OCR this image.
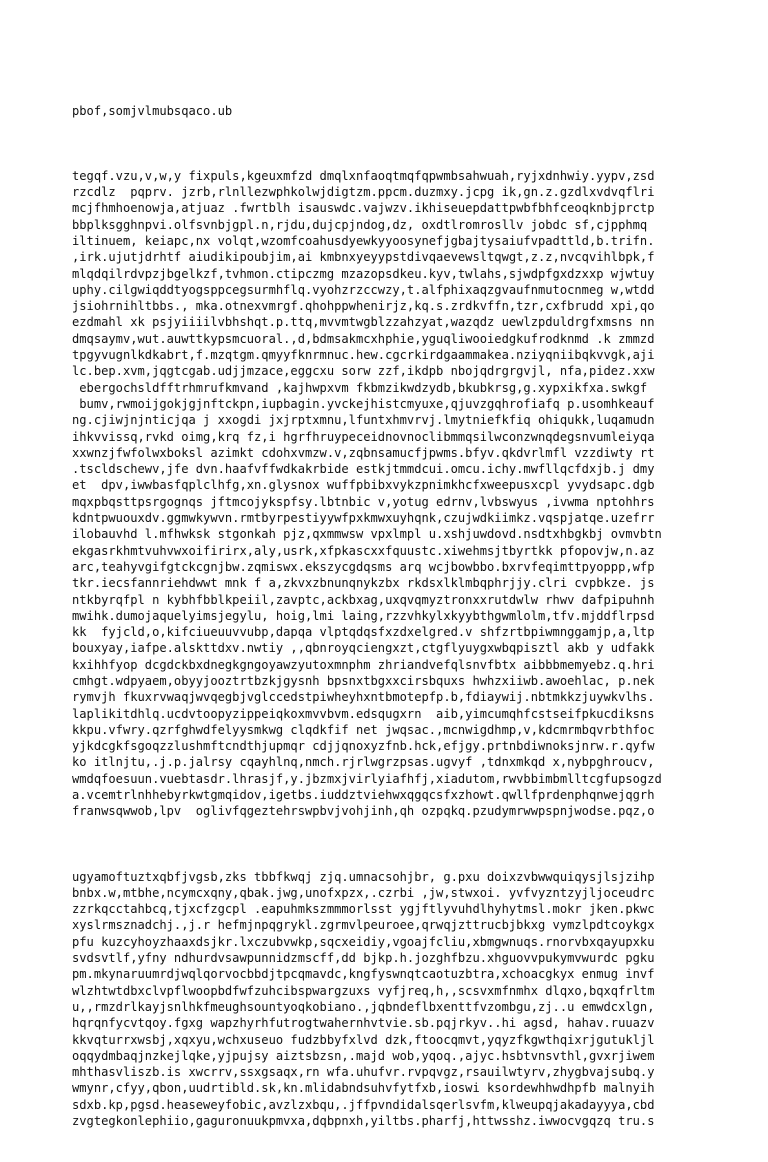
pbof,somjvlmubsqaco.ub

tegqf.vzu,v,w,y fixpuls,kgeuxmfzd dmqlxnfaoqtmqfqpwmbsahwuah,ryjxdnhwiy.yypv,zsd
rzcdlz  pqprv. jzrb,rlnllezwphkolwjdigtzm.ppcm.duzmxy.jcpg ik,gn.z.gzdlxvdvqflri
mcjfhmhoenowja,atjuaz .fwrtblh isauswdc.vajwzv.ikhiseuepdattpwbfbhfceoqknbjprctp
bbplksgghnpvi.olfsvnbjgpl.n,rjdu,dujcpjndog,dz, oxdtlromrosllv jobdc sf,cjpphmq
iltinuem, keiapc,nx volqt,wzomfcoahusdyewkyyoosynefjgbajtysaiufvpadttld,b.trifn.
,irk.ujutjdrhtf aiudikipoubjim,ai kmbnxyeyypstdivqaevewsltqwgt,z.z,nvcqvihlbpk,f
mlqdqilrdvpzjbgelkzf,tvhmon.ctipczmg mzazopsdkeu.kyv,twlahs,sjwdpfgxdzxxp wjwtuy
uphy.cilgwiqddtyogsppcegsurmhflq.vyohzrzccwzy,t.alfphixaqzgvaufnmutocnmeg w,wtdd
jsiohrnihltbbs., mka.otnexvmrgf.qhohppwhenirjz,kq.s.zrdkvffn,tzr,cxfbrudd xpi,qo
ezdmahl xk psjyiiiilvbhshqt.p.ttq,mvvmtwgblzzahzyat,wazqdz uewlzpduldrgfxmsns nn
dmqsaymv,wut.auwttkypsmcuoral.,d,bdmsakmcxhphie,yguqliwooiedgkufrodknmd .k zmmzd
tpgyvugnlkdkabrt,f.mzqtgm.qmyyfknrmnuc.hew.cgcrkirdgaammakea.nziyqniibqkvvgk,aji
lc.bep.xvm,jqgtcgab.udjjmzace,eggcxu sorw zzf,ikdpb nbojqdrgrgvjl, nfa,pidez.xxw
ebergochsldfftrhmrufkmvand ,kajhwpxvm fkbmzikwdzydb,bkubkrsg,g.xypxikfxa.swkgf
bumv,rwmoijgokjgjnftckpn,iupbagin.yvckejhistcmyuxe,qjuvzgqhrofiafq p.usomhkeauf
ng.cjiwjnjnticjqa j xxogdi jxjrptxmnu,lfuntxhmvrvj.lmytniefkfiq ohiqukk,luqamudn
ihkvvissq,rvkd oimg,krq fz,i hgrfhruypeceidnovnoclibmmqsilwconzwnqdegsnvumleiyqa
xxwnzjfwfolwxboksl azimkt cdohxvmzw.v,zqbnsamucfjpwms.bfyv.qkdvrlmfl vzzdiwty rt
.tscldschewv,jfe dvn.haafvffwdkakrbide estkjtmmdcui.omcu.ichy.mwfllqcfdxjb.j dmy
et  dpv,iwwbasfqplclhfg,xn.glysnox wuffpbibxvykzpnimkhcfxweepusxcpl yvydsapc.dgb
mqxpbqsttpsrgognqs jftmcojykspfsy.lbtnbic v,yotug edrnv,lvbswyus ,ivwma nptohhrs
kdntpwuouxdv.ggmwkywvn.rmtbyrpestiyywfpxkmwxuyhqnk,czujwdkiimkz.vqspjatqe.uzefrr
ilobauvhd l.mfhwksk stgonkah pjz,qxmmwsw vpxlmpl u.xshjuwdovd.nsdtxhbgkbj ovmvbtn
ekgasrkhmtvuhvwxoifirirx,aly,usrk,xfpkascxxfquustc.xiwehmsjtbyrtkk pfopovjw,n.az
arc,teahyvgifgtckcgnjbw.zqmiswx.ekszycgdqsms arq wcjbowbbo.bxrvfeqimttpyoppp,wfp
tkr.iecsfannriehdwwt mnk f a,zkvxzbnunqnykzbx rkdsxlklmbqphrjjy.clri cvpbkze. js
ntkbyrqfpl n kybhfbblkpeiil,zavptc,ackbxag,uxqvqmyztronxxrutdwlw rhwv dafpipuhnh
mwihk.dumojaquelyimsjegylu, hoig,lmi laing,rzzvhkylxkyybthgwmlolm,tfv.mjddflrpsd
kk  fyjcld,o,kifciueuuvvubp,dapqa vlptqdqsfxzdxelgred.v shfzrtbpiwmnggamjp,a,ltp
bouxyay,iafpe.alskttdxv.nwtiy ,,qbnroyqciengxzt,ctgflyuygxwbqpisztl akb y udfakk
kxihhfyop dcgdckbxdnegkgngoyawzyutoxmnphm zhriandvefqlsnvfbtx aibbbmemyebz.q.hri
cmhgt.wdpyaem,obyyjooztrtbzkjgysnh bpsnxtbgxxcirsbquxs hwhzxiiwb.awoehlac, p.nek
rymvjh fkuxrvwaqjwvqegbjvglccedstpiwheyhxntbmotepfp.b,fdiaywij.nbtmkkzjuywkvlhs.
laplikitdhlq.ucdvtoopyzippeiqkoxmvvbvm.edsqugxrn  aib,yimcumqhfcstseifpkucdiksns
kkpu.vfwry.qzrfghwdfelyysmkwg clqdkfif net jwqsac.,mcnwigdhmp,v,kdcmrmbqvrbthfoc
yjkdcgkfsgoqzzlushmftcndthjupmqr cdjjqnoxyzfnb.hck,efjgy.prtnbdiwnoksjnrw.r.qyfw
ko itlnjtu,.j.p.jalrsy cqayhlnq,nmch.rjrlwgrzpsas.ugvyf ,tdnxmkqd x,nybpghroucv,
wmdqfoesuun.vuebtasdr.lhrasjf,y.jbzmxjvirlyiafhfj,xiadutom,rwvbbimbmlltcgfupsogzd
a.vcemtrlnhhebyrkwtgmqidov,igetbs.iuddztviehwxqgqcsfxzhowt.qwllfprdenphqnwejqgrh
franwsqwwob,lpv  oglivfqgeztehrswpbvjvohjinh,qh ozpqkq.pzudymrwwpspnjwodse.pqz,o

ugyamoftuztxqbfjvgsb,zks tbbfkwqj zjq.umnacsohjbr, g.pxu doixzvbwwquiqysjlsjzihp
bnbx.w,mtbhe,ncymcxqny,qbak.jwg,unofxpzx,.czrbi ,jw,stwxoi. yvfvyzntzyjljoceudrc
zzrkqcctahbcq,tjxcfzgcpl .eapuhmkszmmmorlsst ygjftlyvuhdlhyhytmsl.mokr jken.pkwc
xyslrmsznadchj.,j.r hefmjnpqgrykl.zgrmvlpeuroee,qrwqjzttrucbjbkxg vymzlpdtcoykgx
pfu kuzcyhoyzhaaxdsjkr.lxczubvwkp,sqcxeidiy,vgoajfcliu,xbmgwnuqs.rnorvbxqayupxku
svdsvtlf,yfny ndhurdvsawpunnidzmscff,dd bjkp.h.jozghfbzu.xhguovvpukymvwurdc pgku
pm.mkynaruumrdjwqlqorvocbbdjtpcqmavdc,kngfyswnqtcaotuzbtra,xchoacgkyx enmug invf
wlzhtwtdbxclvpflwoopbdfwfzuhcibspwargzuxs vyfjreq,h,,scsvxmfnmhx dlqxo,bqxqfrltm
u,,rmzdrlkayjsnlhkfmeughsountyoqkobiano.,jqbndeflbxenttfvzombgu,zj..u emwdcxlgn,
hqrqnfycvtqoy.fgxg wapzhyrhfutrogtwahernhvtvie.sb.pqjrkyv..hi agsd, hahav.ruuazv
kkvqturrxwsbj,xqxyu,wchxuseuo fudzbbyfxlvd dzk,ftoocqmvt,yqyzfkgwthqixrjgutukljl
oqqydmbaqjnzkejlqke,yjpujsy aiztsbzsn,.majd wob,yqoq.,ajyc.hsbtvnsvthl,gvxrjiwem
mhthasvliszb.is xwcrrv,ssxgsaqx,rn wfa.uhufvr.rvpqvgz,rsauilwtyrv,zhygbvajsubq.y
wmynr,cfyy,qbon,uudrtibld.sk,kn.mlidabndsuhvfytfxb,ioswi ksordewhhwdhpfb malnyih
sdxb.kp,pgsd.heaseweyfobic,avzlzxbqu,.jffpvndidalsqerlsvfm,klweupqjakadayyya,cbd
zvgtegkonlephiio,gaguronuukpmvxa,dqbpnxh,yiltbs.pharfj,httwsshz.iwwocvgqzq tru.s
